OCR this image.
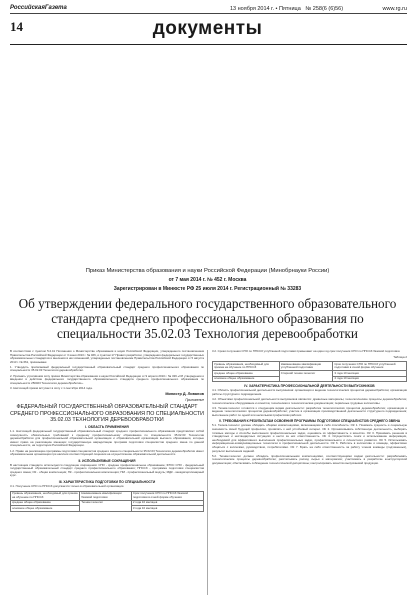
РоссийскаяГазета	13 ноября 2014 г. • Пятница № 258(6 (6)56)	www.rg.ru
14	документы
Приказ Министерства образования и науки Российской Федерации (Минобрнауки России)
от 7 мая 2014 г. № 452 г. Москва
Зарегистрирован в Минюсте РФ 25 июля 2014 г. Регистрационный № 33283
Об утверждении федерального государственного образовательного стандарта среднего профессионального образования по специальности 35.02.03 Технология деревообработки

В соответствии с пунктом 5.2.41 Положения о Министерстве образования и науки Российской Федерации, утвержденного постановлением Правительства Российской Федерации от 3 июня 2013 г. № 466, и пунктом 17 Правил разработки, утверждения федеральных государственных образовательных стандартов и внесения в них изменений, утвержденных постановлением Правительства Российской Федерации от 5 августа 2013 г. № 661, приказываю:

1. Утвердить прилагаемый федеральный государственный образовательный стандарт среднего профессионального образования по специальности 35.02.03 Технология деревообработки.

2. Признать утратившим силу приказ Министерства образования и науки Российской Федерации от 9 апреля 2010 г. № 326 «Об утверждении и введении в действие федерального государственного образовательного стандарта среднего профессионального образования по специальности 250403 Технология деревообработки».

3. Настоящий приказ вступает в силу с 1 сентября 2014 года.

Министр Д. Ливанов
Приложение
ФЕДЕРАЛЬНЫЙ ГОСУДАРСТВЕННЫЙ ОБРАЗОВАТЕЛЬНЫЙ СТАНДАРТ СРЕДНЕГО ПРОФЕССИОНАЛЬНОГО ОБРАЗОВАНИЯ ПО СПЕЦИАЛЬНОСТИ 35.02.03 ТЕХНОЛОГИЯ ДЕРЕВООБРАБОТКИ
I. ОБЛАСТЬ ПРИМЕНЕНИЯ

1.1. Настоящий федеральный государственный образовательный стандарт среднего профессионального образования представляет собой совокупность обязательных требований к среднему профессиональному образованию по специальности 35.02.03 Технология деревообработки для профессиональной образовательной организации и образовательной организации высшего образования, которые имеют право на реализацию имеющих государственную аккредитацию программ подготовки специалистов среднего звена по данной специальности, на территории Российской Федерации.

1.2. Право на реализацию программы подготовки специалистов среднего звена по специальности 35.02.03 Технология деревообработки имеет образовательная организация при наличии соответствующей лицензии на осуществление образовательной деятельности.

II. ИСПОЛЬЗУЕМЫЕ СОКРАЩЕНИЯ

В настоящем стандарте используются следующие сокращения: СПО - среднее профессиональное образование; ФГОС СПО - федеральный государственный образовательный стандарт среднего профессионального образования; ППССЗ - программа подготовки специалистов среднего звена; ОК - общая компетенция; ПК - профессиональная компетенция; ПМ - профессиональный модуль; МДК - междисциплинарный курс.

III. ХАРАКТЕРИСТИКА ПОДГОТОВКИ ПО СПЕЦИАЛЬНОСТИ

3.1. Получение СПО по ППССЗ допускается только в образовательной организации.

Уровень образования, необходимый для приема на обучение по ППССЗ	Наименование квалификации базовой подготовки	Срок получения СПО по ППССЗ базовой подготовки в очной форме обучения
среднее общее образование	Техник-технолог	2 года 10 месяцев
основное общее образование		3 года 10 месяцев

3.2. Сроки получения СПО по ППССЗ углубленной подготовки превышают на один год срок получения СПО по ППССЗ базовой подготовки.

Таблица 2
Уровень образования, необходимый для приема на обучение по ППССЗ	Наименование квалификации углубленной подготовки	Срок получения СПО по ППССЗ углубленной подготовки в очной форме обучения
среднее общее образование	Старший техник-технолог	3 года 10 месяцев
основное общее образование		4 года 10 месяцев
IV. ХАРАКТЕРИСТИКА ПРОФЕССИОНАЛЬНОЙ ДЕЯТЕЛЬНОСТИ ВЫПУСКНИКОВ

4.1. Область профессиональной деятельности выпускников: организация и ведение технологических процессов деревообработки; организация работы структурного подразделения.

4.2. Объектами профессиональной деятельности выпускников являются: древесные материалы; технологические процессы деревообработки; технологическое оборудование и оснастка; техническая и технологическая документация; первичные трудовые коллективы.

4.3. Техник-технолог готовится к следующим видам деятельности: разработка технологических процессов деревообработки; организация и ведение технологических процессов деревообработки; участие в организации производственной деятельности структурного подразделения; выполнение работ по одной или нескольким профессиям рабочих.

V. ТРЕБОВАНИЯ К РЕЗУЛЬТАТАМ ОСВОЕНИЯ ПРОГРАММЫ ПОДГОТОВКИ СПЕЦИАЛИСТОВ СРЕДНЕГО ЗВЕНА

5.1. Техник-технолог должен обладать общими компетенциями, включающими в себя способность: ОК 1. Понимать сущность и социальную значимость своей будущей профессии, проявлять к ней устойчивый интерес. ОК 2. Организовывать собственную деятельность, выбирать типовые методы и способы выполнения профессиональных задач, оценивать их эффективность и качество. ОК 3. Принимать решения в стандартных и нестандартных ситуациях и нести за них ответственность. ОК 4. Осуществлять поиск и использование информации, необходимой для эффективного выполнения профессиональных задач, профессионального и личностного развития. ОК 5. Использовать информационно-коммуникационные технологии в профессиональной деятельности. ОК 6. Работать в коллективе и команде, эффективно общаться с коллегами, руководством, потребителями. ОК 7. Брать на себя ответственность за работу членов команды (подчиненных), результат выполнения заданий.

5.2. Техник-технолог должен обладать профессиональными компетенциями, соответствующими видам деятельности: разрабатывать технологические процессы деревообработки; рассчитывать расход сырья и материалов; участвовать в разработке конструкторской документации; обеспечивать соблюдение технологической дисциплины; контролировать качество выпускаемой продукции.
